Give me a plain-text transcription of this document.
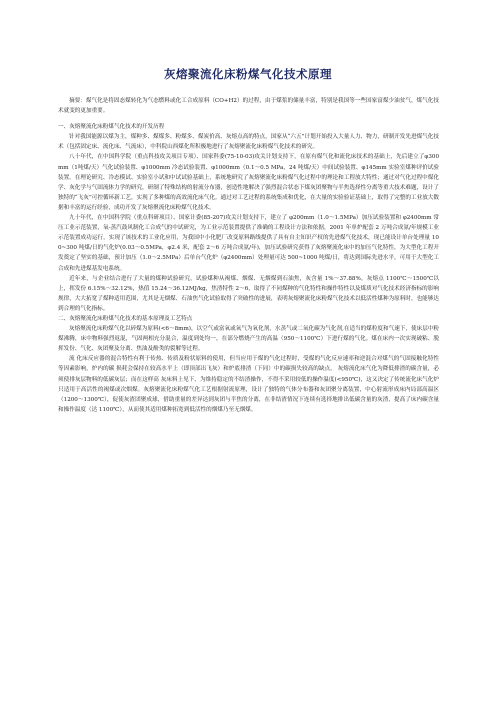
灰熔聚流化床粉煤气化技术原理

摘要：煤气化是将固态煤转化为气态燃料或化工合成原料（CO+H2）的过程，由于煤浆的储量丰富，特别是我国等一些国家富煤少油贫气，煤气化技术就变的更加重要。

一、灰熔聚流化床粉煤气化技术的开发历程

针对我国能源以煤为主，煤种多、煤煤多、粉煤多、煤炭价高、灰熔点高的特点，国家从“六五”计划开始投入大量人力、物力，研制开发先进煤气化技术（包括固定床、流化床、气流床），中科院山西煤化所积极地进行了灰熔聚流化床粉煤气化技术的研究。

八十年代，在中国科学院（重点科技攻关项目专项）、国家科委(75-10-03)攻关计划支持下，在原有煤气化和流化床技术的基础上，先后建立了φ300mm（1吨煤/天）气化试验装置、φ1000mm 冷态试验装置、φ1000mm（0.1～0.5 MPa，24 吨煤/天）中间试验装置、φ145mm 实验室煤种评价试验装置。在理论研究、冷态模试、实验室小试和中试试验基础上，系统地研究了灰熔聚流化床粉煤气化过程中的理论和工程放大特性；通过对气化过程中煤化学、灰化学与气固流体力学的研究，研制了特殊结构的射流分布器，创造性地解决了强烈混合状态下煤灰团聚物与半焦选择性分离等重大技术难题，设计了独特的“飞灰”可控循环新工艺，实现了多种煤的高效流化床气化。通过对工艺过程的系统集成和优化，在大量的实验验证基础上，取得了完整的工业放大数据和丰富的运行经验，成功开发了灰熔聚流化床粉煤气化技术。

九十年代，在中国科学院（重点科研项目）、国家计委(85-207)攻关计划支持下，建立了 φ200mm（1.0～1.5MPa）加压试验装置和 φ2400mm 常压工业示范装置，氧-蒸汽鼓风制化工合成气的中试研究，为工业示范装置提供了准确的工程设计方法和依据，2001 年单炉配套 2 万吨合成氨/年规模工业示范装置成功运行，实现了该技术的工业化应用，为我国中小化肥厂改变原料路线提供了具有自主知识产权的先进煤气化技术，现已能设计单台处理量 100~300 吨煤/日的气化炉(0.03～0.5MPa，φ2.4 米，配套 2～6 万吨合成氨/年)，加压试验研究获得了灰熔聚流化床中的加压气化特性，为大型化工程开发奠定了坚实的基础，预计加压（1.0～2.5MPa）后单台气化炉（φ2400mm）处理量可达 500~1000 吨煤/日，将达到国际先进水平，可用于大型化工合成和先进煤基发电系统。

近年来，与企业结合进行了大量的煤种试验研究，试验煤种从褐煤、烟煤、无烟煤到石油焦，灰含量 1%～37.88%，灰熔点 1100℃～1500℃以上，挥发份 6.15%～32.12%，热值 15.24～36.12MJ/kg，焦渣特性 2～6，取得了不同煤种的气化特性和操作特性以及煤质对气化技术经济指标的影响规律，大大拓宽了煤种适用范围，尤其是无烟煤、石油焦气化试验取得了突破性的进展，表明灰熔聚流化床粉煤气化技术以低活性煤种为原料时，也能够达到合理的气化指标。

二、灰熔聚流化床粉煤气化技术的基本原理及工艺特点

灰熔聚流化床粉煤气化以碎煤为原料(<6～8mm)，以空气或富氧或氧气为氧化剂，水蒸气或二氧化碳为气化剂,在适当的煤粒度和气速下，使床层中粉煤沸腾，床中物料强烈返混，气固两相充分混合，温度到处均一，在部分燃烧产生的高温（950～1100℃）下进行煤的气化。煤在床内一次实现破粘、脱挥发份、气化、灰团聚及分离、焦油及酚类的裂解等过程。

流 化床反应器的混合特性有利于传热、传质及粉状原料的使用，但当应用于煤的气化过程时，受煤的气化反应速率和逆混合对煤气的气固接触化特性等因素影响，炉内的碳 损耗会保持在较高水平上（即顶部出飞灰）和炉底排渣（下同）中的碳损失较高的缺点。 灰熔流化床气化为降低排渣的碳含量，必须使排灰层物料的低碳灰层；而在这样高 灰床料上见下，为维持稳定的不结渣操作，不得不采用较低的操作温度(<950℃)，这又决定了传统流化床气化炉只适用于高活性的褐煤或次烟煤。灰熔聚流化床粉煤气化工艺根据射流原理，设计了独特的气体分布器和灰团聚分离装置，中心射流形成床内局部高温区（1200～1300℃），促使灰渣团聚成球，借助重量的差异达到灰团与半焦的分离，在非结渣情况下连续有选择地排出低碳含量的灰渣，提高了床内碳含量和操作温度（达 1100℃），从而使其适用煤种拓宽到低活性的烟煤乃至无烟煤。
